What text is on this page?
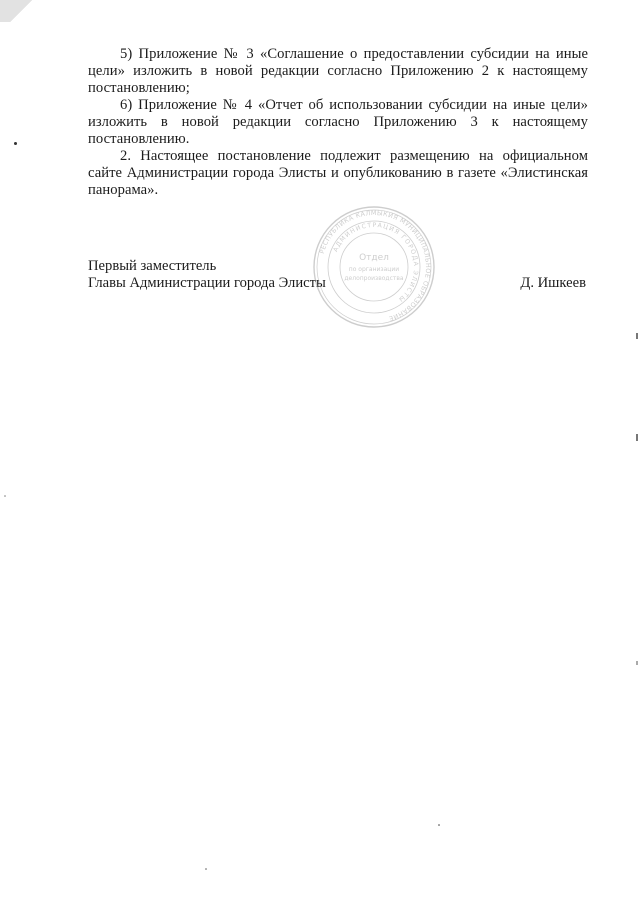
5) Приложение № 3 «Соглашение о предоставлении субсидии на иные цели» изложить в новой редакции согласно Приложению 2 к настоящему постановлению;

6) Приложение № 4 «Отчет об использовании субсидии на иные цели» изложить в новой редакции согласно Приложению 3 к настоящему постановлению.

2. Настоящее постановление подлежит размещению на официальном сайте Администрации города Элисты и опубликованию в газете «Элистинская панорама».

Первый заместитель
Главы Администрации города Элисты	Д. Ишкеев
РЕСПУБЛИКА КАЛМЫКИЯ МУНИЦИПАЛЬНОЕ ОБРАЗОВАНИЕ
АДМИНИСТРАЦИЯ ГОРОДА ЭЛИСТЫ
Отдел
по организации
делопроизводства
